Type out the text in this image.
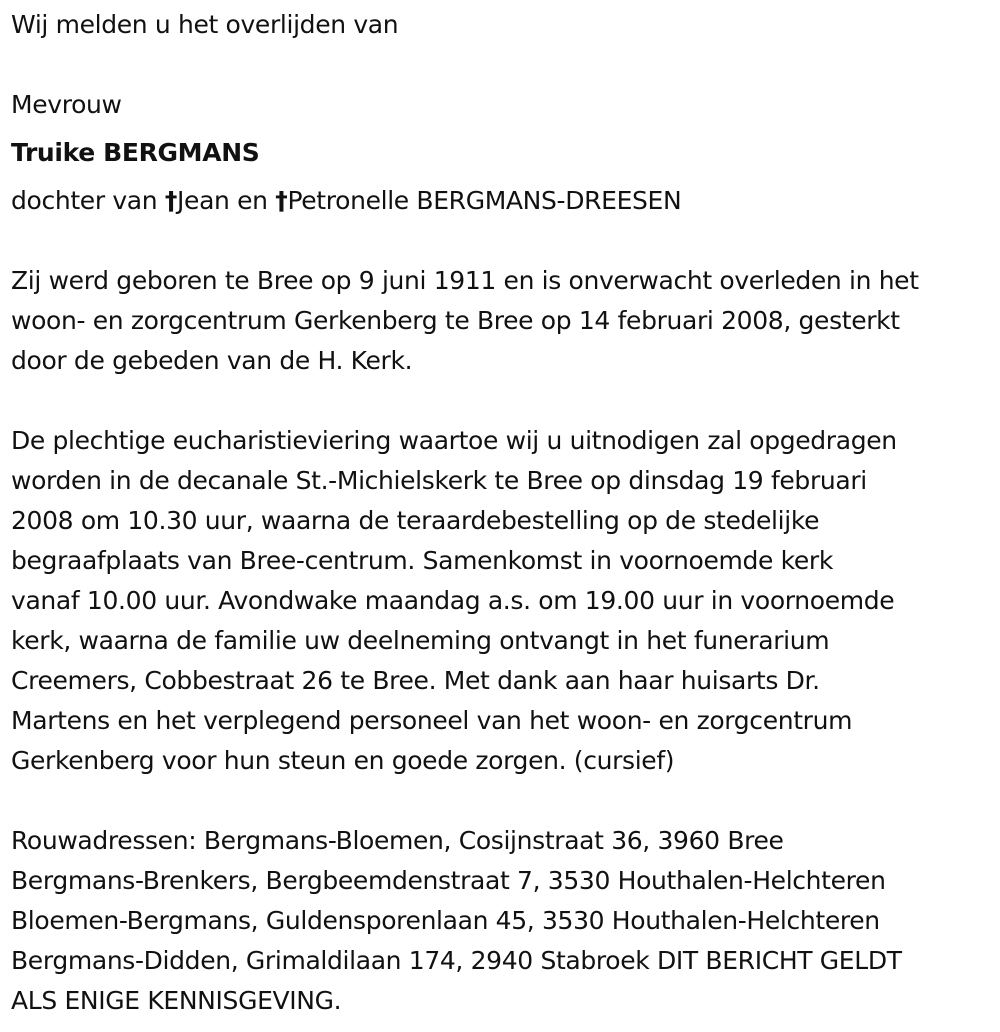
Wij melden u het overlijden van
Mevrouw
Truike BERGMANS
dochter van †Jean en †Petronelle BERGMANS-DREESEN
Zij werd geboren te Bree op 9 juni 1911 en is onverwacht overleden in het
woon- en zorgcentrum Gerkenberg te Bree op 14 februari 2008, gesterkt
door de gebeden van de H. Kerk.
De plechtige eucharistieviering waartoe wij u uitnodigen zal opgedragen
worden in de decanale St.-Michielskerk te Bree op dinsdag 19 februari
2008 om 10.30 uur, waarna de teraardebestelling op de stedelijke
begraafplaats van Bree-centrum. Samenkomst in voornoemde kerk
vanaf 10.00 uur. Avondwake maandag a.s. om 19.00 uur in voornoemde
kerk, waarna de familie uw deelneming ontvangt in het funerarium
Creemers, Cobbestraat 26 te Bree. Met dank aan haar huisarts Dr.
Martens en het verplegend personeel van het woon- en zorgcentrum
Gerkenberg voor hun steun en goede zorgen. (cursief)
Rouwadressen: Bergmans-Bloemen, Cosijnstraat 36, 3960 Bree
Bergmans-Brenkers, Bergbeemdenstraat 7, 3530 Houthalen-Helchteren
Bloemen-Bergmans, Guldensporenlaan 45, 3530 Houthalen-Helchteren
Bergmans-Didden, Grimaldilaan 174, 2940 Stabroek DIT BERICHT GELDT
ALS ENIGE KENNISGEVING.
